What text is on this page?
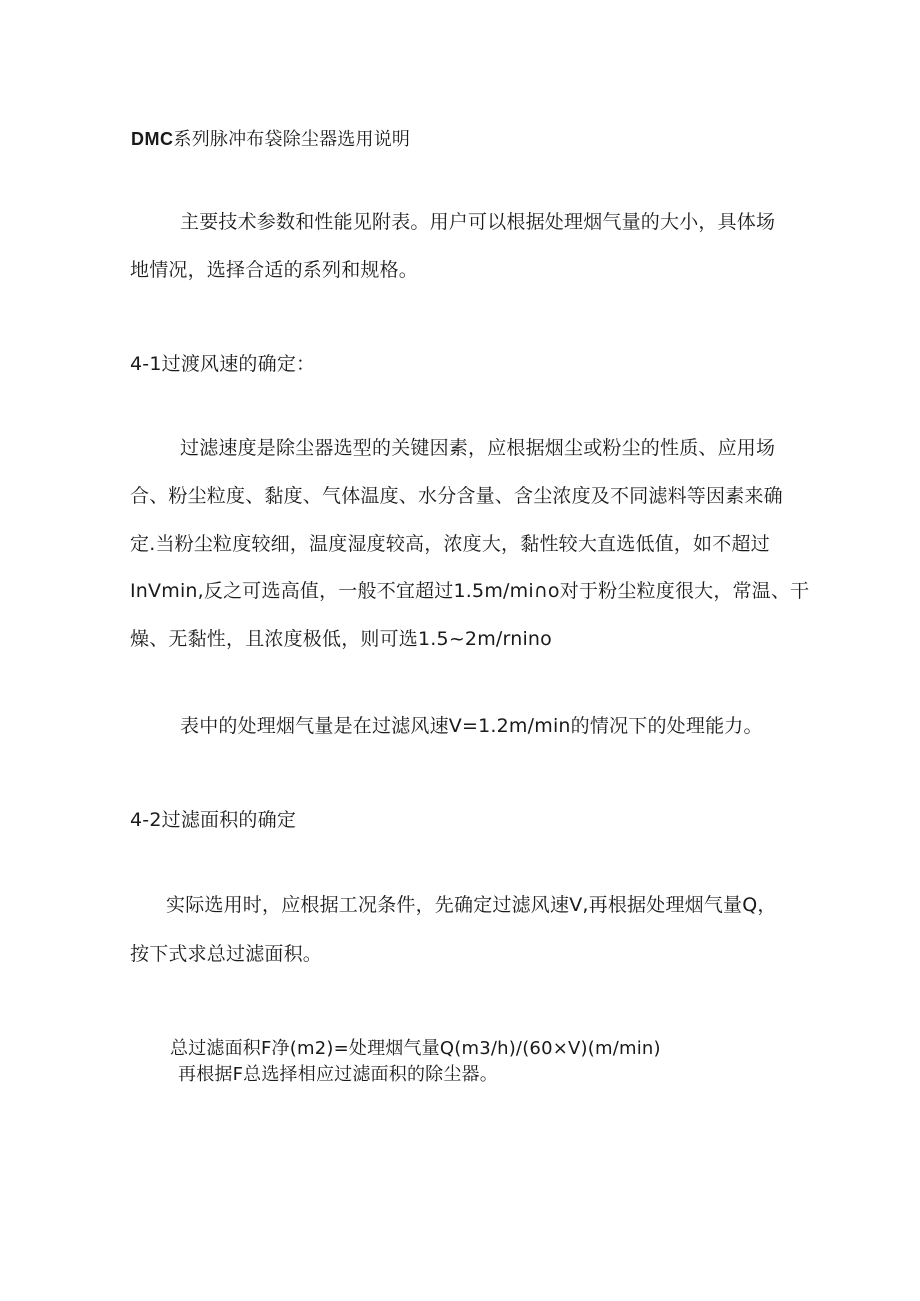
DMC系列脉冲布袋除尘器选用说明
主要技术参数和性能见附表。用户可以根据处理烟气量的大小，具体场
地情况，选择合适的系列和规格。
4-1过渡风速的确定：
过滤速度是除尘器选型的关键因素，应根据烟尘或粉尘的性质、应用场
合、粉尘粒度、黏度、气体温度、水分含量、含尘浓度及不同滤料等因素来确
定.当粉尘粒度较细，温度湿度较高，浓度大，黏性较大直选低值，如不超过
InVmin,反之可选高值，一般不宜超过1.5m∕mi∩o对于粉尘粒度很大，常温、干
燥、无黏性，且浓度极低，则可选1.5~2m∕rnino
表中的处理烟气量是在过滤风速V=1.2m∕min的情况下的处理能力。
4-2过滤面积的确定
实际选用时，应根据工况条件，先确定过滤风速V,再根据处理烟气量Q，
按下式求总过滤面积。
总过滤面积F净(m2)=处理烟气量Q(m3∕h)/(60×V)(m∕min)
再根据F总选择相应过滤面积的除尘器。
